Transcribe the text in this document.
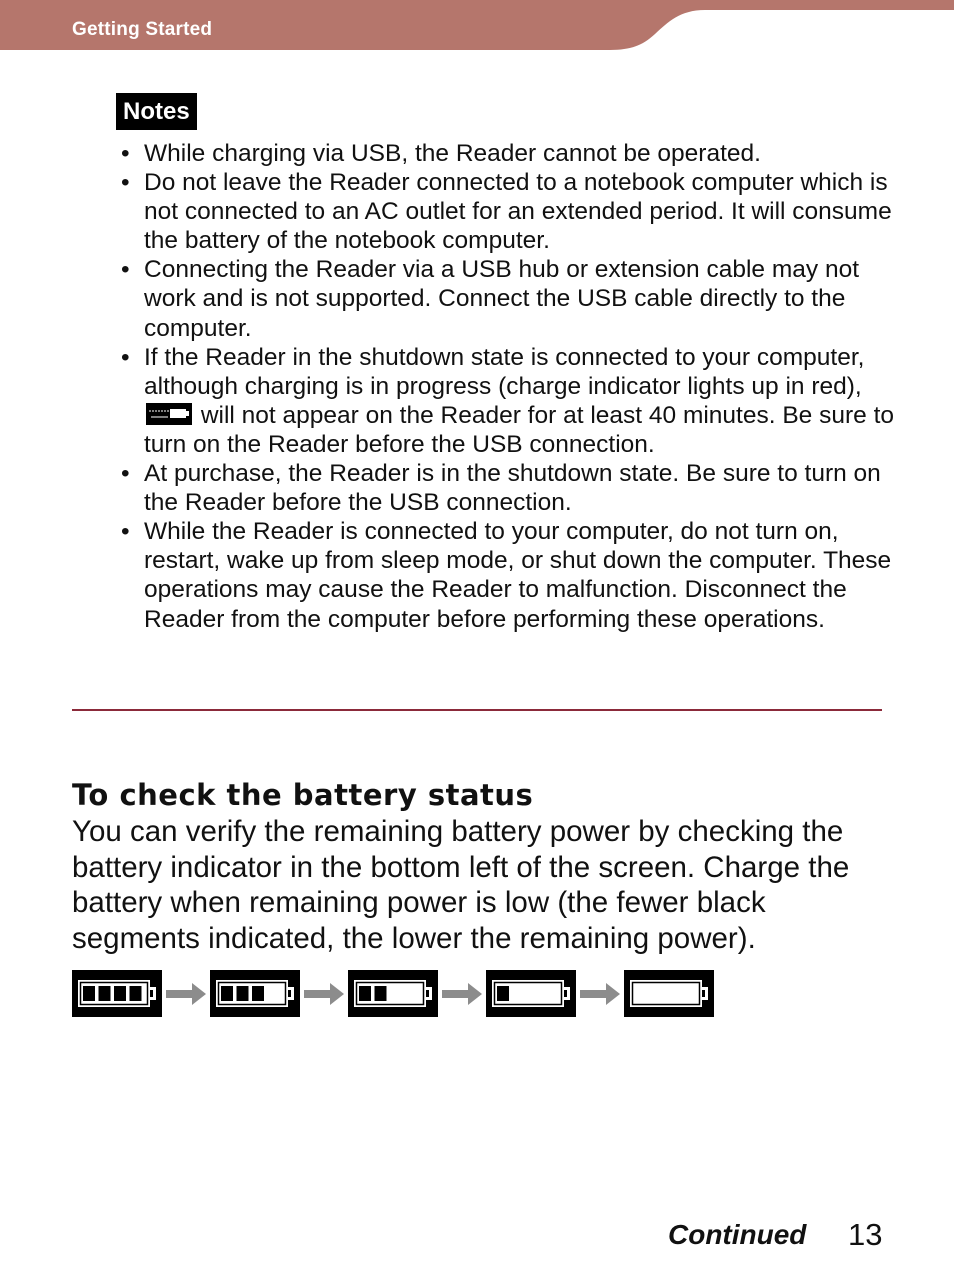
Getting Started
Notes
• While charging via USB, the Reader cannot be operated.
• Do not leave the Reader connected to a notebook computer which is not connected to an AC outlet for an extended period. It will consume the battery of the notebook computer.
• Connecting the Reader via a USB hub or extension cable may not work and is not supported. Connect the USB cable directly to the computer.
• If the Reader in the shutdown state is connected to your computer, although charging is in progress (charge indicator lights up in red),  will not appear on the Reader for at least 40 minutes. Be sure to turn on the Reader before the USB connection.
• At purchase, the Reader is in the shutdown state. Be sure to turn on the Reader before the USB connection.
• While the Reader is connected to your computer, do not turn on, restart, wake up from sleep mode, or shut down the computer. These operations may cause the Reader to malfunction. Disconnect the Reader from the computer before performing these operations.
To check the battery status

You can verify the remaining battery power by checking the battery indicator in the bottom left of the screen. Charge the battery when remaining power is low (the fewer black segments indicated, the lower the remaining power).

Continued 13
